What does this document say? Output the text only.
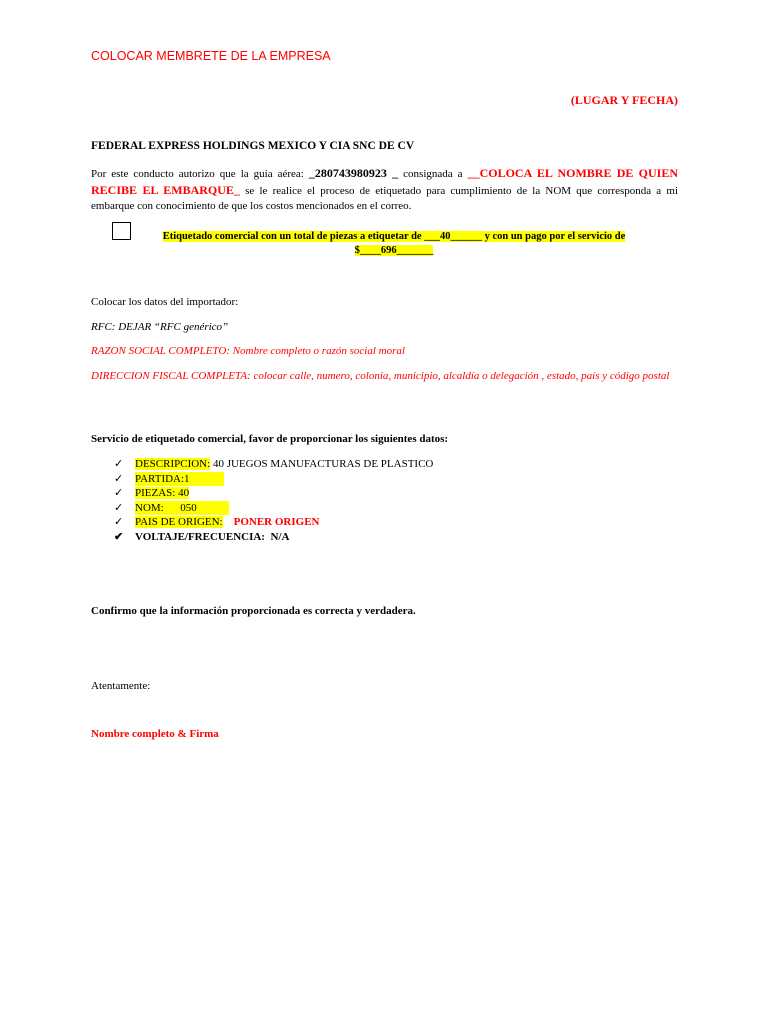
COLOCAR MEMBRETE DE LA EMPRESA
(LUGAR Y FECHA)
FEDERAL EXPRESS HOLDINGS MEXICO Y CIA SNC DE CV
Por este conducto autorizo que la guía aérea: _280743980923 _ consignada a __COLOCA EL NOMBRE DE QUIEN RECIBE EL EMBARQUE_ se le realice el proceso de etiquetado para cumplimiento de la NOM que corresponda a mi embarque con conocimiento de que los costos mencionados en el correo.
Etiquetado comercial con un total de piezas a etiquetar de ___40______ y con un pago por el servicio de $____696_______
Colocar los datos del importador:
RFC: DEJAR “RFC genérico”
RAZON SOCIAL COMPLETO: Nombre completo o razón social moral
DIRECCION FISCAL COMPLETA: colocar calle, numero, colonia, municipio, alcaldía o delegación , estado, país y código postal
Servicio de etiquetado comercial, favor de proporcionar los siguientes datos:
✓ DESCRIPCION: 40 JUEGOS MANUFACTURAS DE PLASTICO
✓ PARTIDA:1
✓ PIEZAS: 40
✓ NOM:      050
✓ PAIS DE ORIGEN:    PONER ORIGEN
✔ VOLTAJE/FRECUENCIA:  N/A
Confirmo que la información proporcionada es correcta y verdadera.
Atentamente:
Nombre completo & Firma
